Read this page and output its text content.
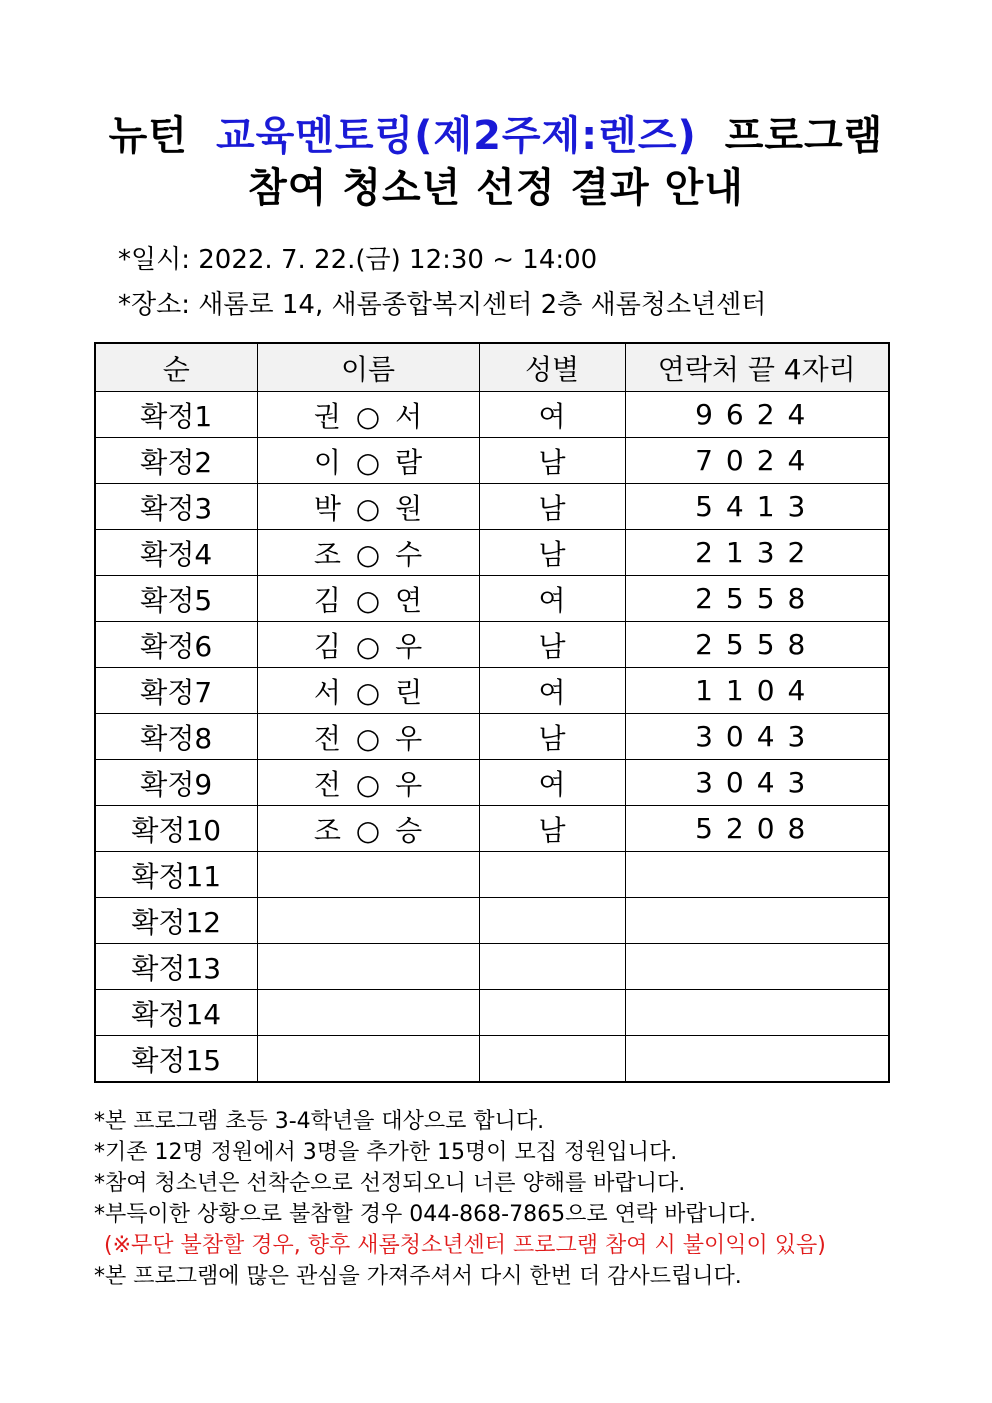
뉴턴 교육멘토링(제2주제:렌즈) 프로그램
참여 청소년 선정 결과 안내
*일시: 2022. 7. 22.(금) 12:30 ~ 14:00
*장소: 새롬로 14, 새롬종합복지센터 2층 새롬청소년센터
순	이름	성별	연락처 끝 4자리
확정1	권 ○ 서	여	9624
확정2	이 ○ 람	남	7024
확정3	박 ○ 원	남	5413
확정4	조 ○ 수	남	2132
확정5	김 ○ 연	여	2558
확정6	김 ○ 우	남	2558
확정7	서 ○ 린	여	1104
확정8	전 ○ 우	남	3043
확정9	전 ○ 우	여	3043
확정10	조 ○ 승	남	5208
확정11			
확정12			
확정13			
확정14			
확정15			
*본 프로그램 초등 3-4학년을 대상으로 합니다.
*기존 12명 정원에서 3명을 추가한 15명이 모집 정원입니다.
*참여 청소년은 선착순으로 선정되오니 너른 양해를 바랍니다.
*부득이한 상황으로 불참할 경우 044-868-7865으로 연락 바랍니다.
(※무단 불참할 경우, 향후 새롬청소년센터 프로그램 참여 시 불이익이 있음)
*본 프로그램에 많은 관심을 가져주셔서 다시 한번 더 감사드립니다.
